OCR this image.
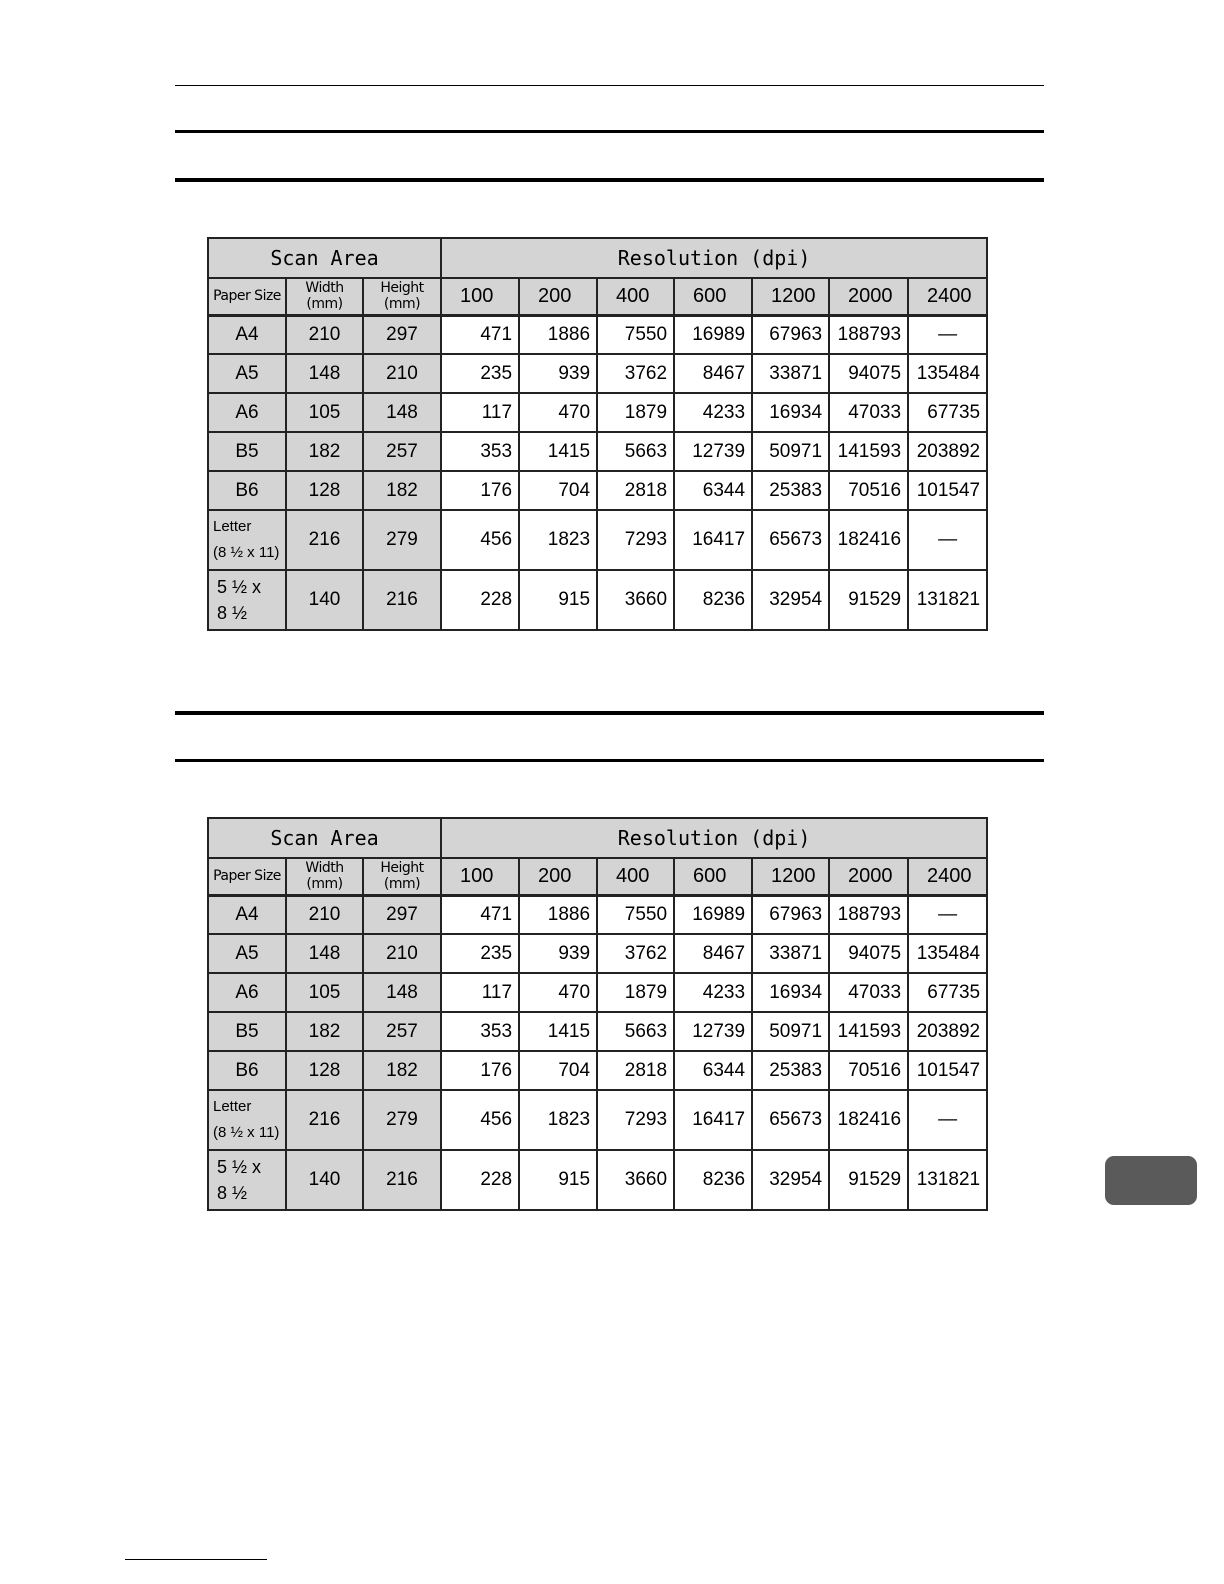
Scan Area			Resolution (dpi)						
Paper Size	Width (mm)	Height (mm)	100	200	400	600	1200	2000	2400
A4	210	297	471	1886	7550	16989	67963	188793	—
A5	148	210	235	939	3762	8467	33871	94075	135484
A6	105	148	117	470	1879	4233	16934	47033	67735
B5	182	257	353	1415	5663	12739	50971	141593	203892
B6	128	182	176	704	2818	6344	25383	70516	101547

Letter
(8 ½ x 11)	216	279	456	1823	7293	16417	65673	182416	—

5 ½ x
8 ½	140	216	228	915	3660	8236	32954	91529	131821
Scan Area			Resolution (dpi)						
Paper Size	Width (mm)	Height (mm)	100	200	400	600	1200	2000	2400
A4	210	297	471	1886	7550	16989	67963	188793	—
A5	148	210	235	939	3762	8467	33871	94075	135484
A6	105	148	117	470	1879	4233	16934	47033	67735
B5	182	257	353	1415	5663	12739	50971	141593	203892
B6	128	182	176	704	2818	6344	25383	70516	101547

Letter
(8 ½ x 11)	216	279	456	1823	7293	16417	65673	182416	—

5 ½ x
8 ½	140	216	228	915	3660	8236	32954	91529	131821
